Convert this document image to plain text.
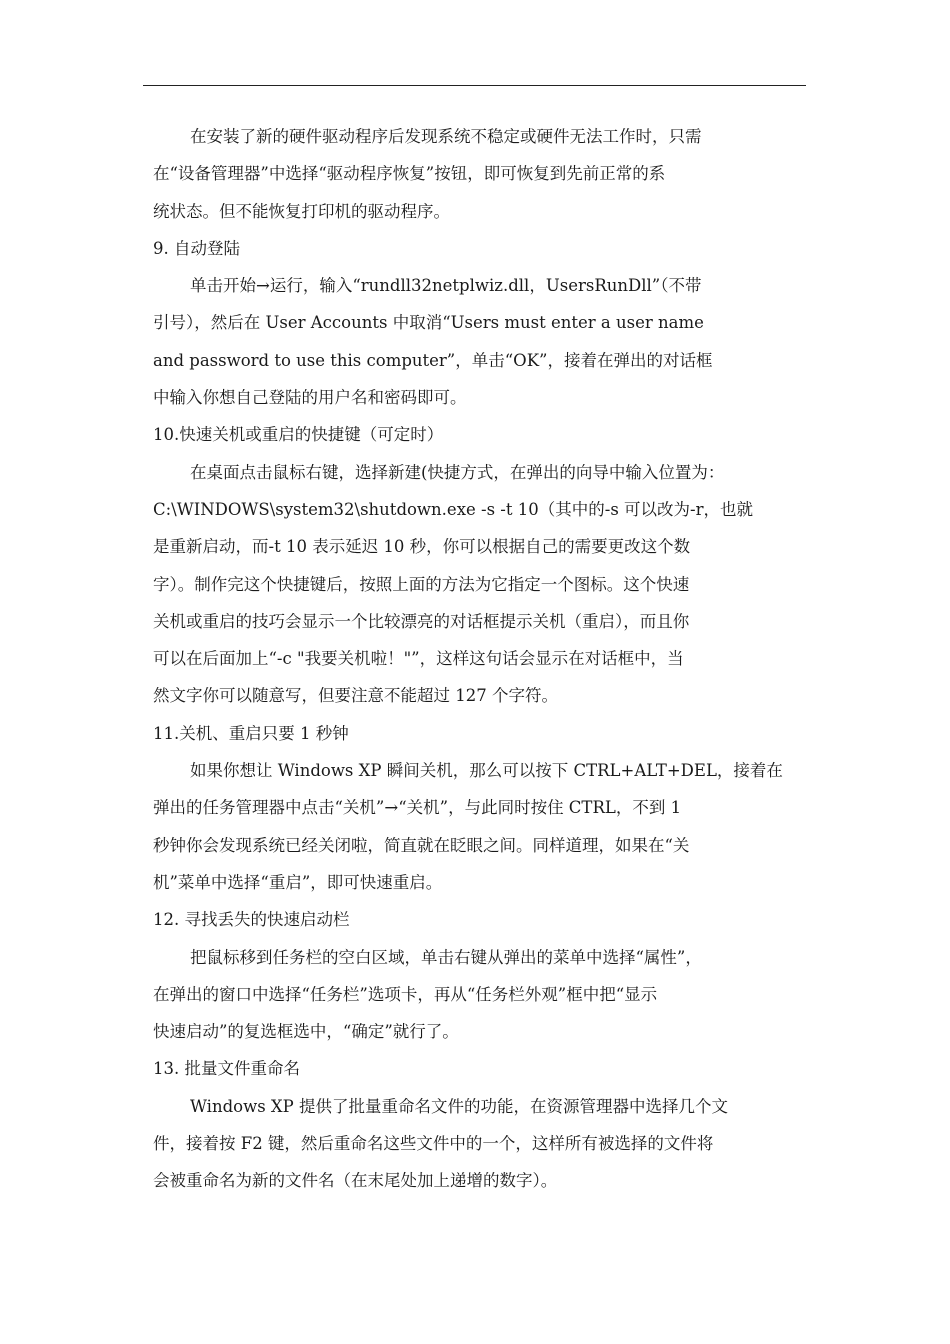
在安装了新的硬件驱动程序后发现系统不稳定或硬件无法工作时，只需
在“设备管理器”中选择“驱动程序恢复”按钮，即可恢复到先前正常的系
统状态。但不能恢复打印机的驱动程序。
9. 自动登陆
单击开始→运行，输入“rundll32netplwiz.dll，UsersRunDll”（不带
引号），然后在 User Accounts 中取消“Users must enter a user name
and password to use this computer”，单击“OK”，接着在弹出的对话框
中输入你想自己登陆的用户名和密码即可。
10.快速关机或重启的快捷键（可定时）
在桌面点击鼠标右键，选择新建(快捷方式，在弹出的向导中输入位置为：
C:\WINDOWS\system32\shutdown.exe -s -t 10（其中的-s 可以改为-r，也就
是重新启动，而-t 10 表示延迟 10 秒，你可以根据自己的需要更改这个数
字）。制作完这个快捷键后，按照上面的方法为它指定一个图标。这个快速
关机或重启的技巧会显示一个比较漂亮的对话框提示关机（重启），而且你
可以在后面加上“-c "我要关机啦！"”，这样这句话会显示在对话框中，当
然文字你可以随意写，但要注意不能超过 127 个字符。
11.关机、重启只要 1 秒钟
如果你想让 Windows XP 瞬间关机，那么可以按下 CTRL+ALT+DEL，接着在
弹出的任务管理器中点击“关机”→“关机”，与此同时按住 CTRL，不到 1
秒钟你会发现系统已经关闭啦，简直就在眨眼之间。同样道理，如果在“关
机”菜单中选择“重启”，即可快速重启。
12. 寻找丢失的快速启动栏
把鼠标移到任务栏的空白区域，单击右键从弹出的菜单中选择“属性”，
在弹出的窗口中选择“任务栏”选项卡，再从“任务栏外观”框中把“显示
快速启动”的复选框选中，“确定”就行了。
13. 批量文件重命名
Windows XP 提供了批量重命名文件的功能，在资源管理器中选择几个文
件，接着按 F2 键，然后重命名这些文件中的一个，这样所有被选择的文件将
会被重命名为新的文件名（在末尾处加上递增的数字）。
